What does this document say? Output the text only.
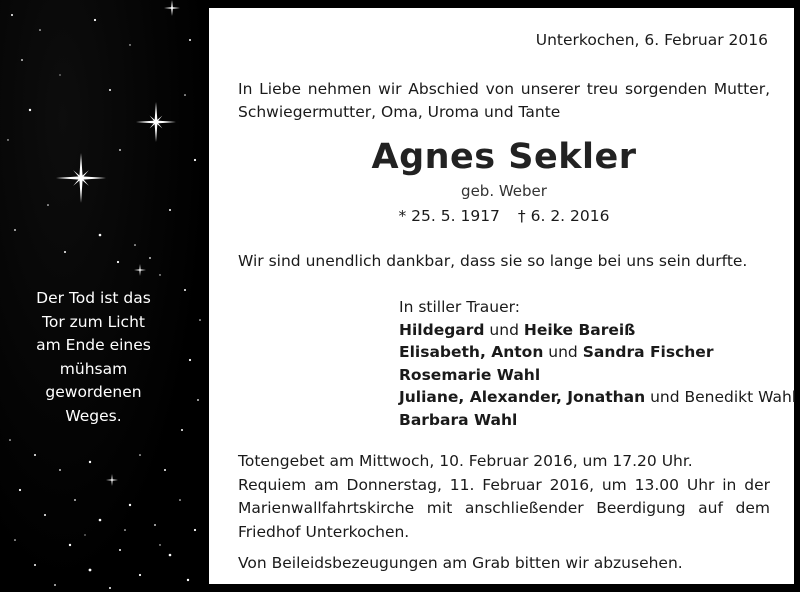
Der Tod ist das
Tor zum Licht
am Ende eines
mühsam
gewordenen
Weges.
Unterkochen, 6. Februar 2016
In Liebe nehmen wir Abschied von unserer treu sorgenden Mutter, Schwiegermutter, Oma, Uroma und Tante
Agnes Sekler
geb. Weber
* 25. 5. 1917 † 6. 2. 2016
Wir sind unendlich dankbar, dass sie so lange bei uns sein durfte.
In stiller Trauer:
Hildegard und Heike Bareiß
Elisabeth, Anton und Sandra Fischer
Rosemarie Wahl
Juliane, Alexander, Jonathan und Benedikt Wahl
Barbara Wahl
Totengebet am Mittwoch, 10. Februar 2016, um 17.20 Uhr.
Requiem am Donnerstag, 11. Februar 2016, um 13.00 Uhr in der Marienwallfahrtskirche mit anschließender Beerdigung auf dem Friedhof Unterkochen.
Von Beileidsbezeugungen am Grab bitten wir abzusehen.
